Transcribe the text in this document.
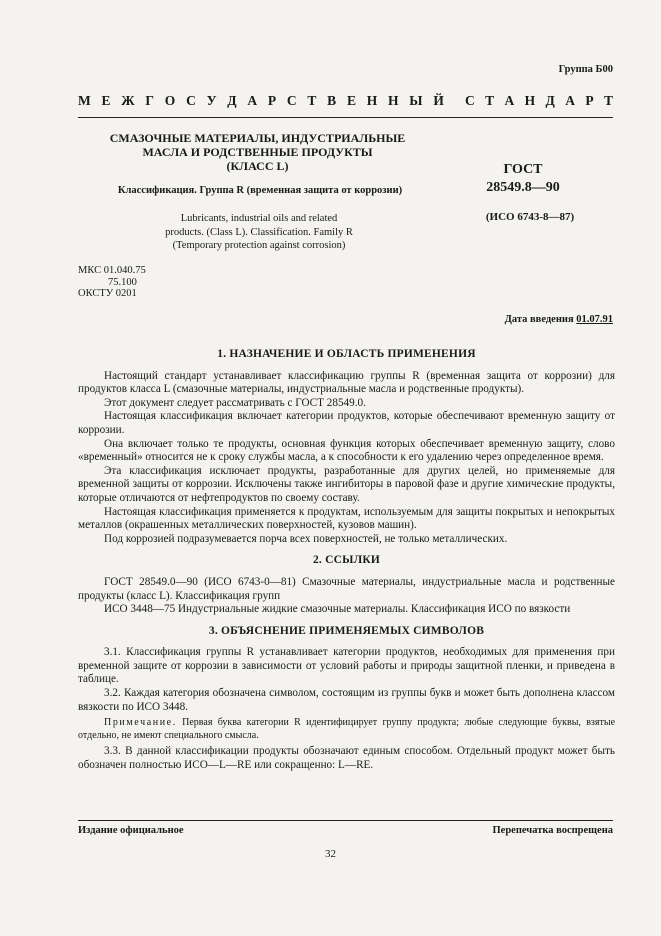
Группа Б00
М Е Ж Г О С У Д А Р С Т В Е Н Н Ы Й С Т А Н Д А Р Т
СМАЗОЧНЫЕ МАТЕРИАЛЫ, ИНДУСТРИАЛЬНЫЕ
МАСЛА И РОДСТВЕННЫЕ ПРОДУКТЫ
(КЛАСС L)
Классификация. Группа R (временная защита от коррозии)
Lubricants, industrial oils and related
products. (Class L). Classification. Family R
(Temporary protection against corrosion)
ГОСТ
28549.8—90
(ИСО 6743-8—87)
МКС 01.040.75
75.100
ОКСТУ 0201
Дата введения 01.07.91
1. НАЗНАЧЕНИЕ И ОБЛАСТЬ ПРИМЕНЕНИЯ

Настоящий стандарт устанавливает классификацию группы R (временная защита от коррозии) для продуктов класса L (смазочные материалы, индустриальные масла и родственные продукты).

Этот документ следует рассматривать с ГОСТ 28549.0.

Настоящая классификация включает категории продуктов, которые обеспечивают временную защиту от коррозии.

Она включает только те продукты, основная функция которых обеспечивает временную защиту, слово «временный» относится не к сроку службы масла, а к способности к его удалению через определенное время.

Эта классификация исключает продукты, разработанные для других целей, но применяемые для временной защиты от коррозии. Исключены также ингибиторы в паровой фазе и другие химические продукты, которые отличаются от нефтепродуктов по своему составу.

Настоящая классификация применяется к продуктам, используемым для защиты покрытых и непокрытых металлов (окрашенных металлических поверхностей, кузовов машин).

Под коррозией подразумевается порча всех поверхностей, не только металлических.

2. ССЫЛКИ

ГОСТ 28549.0—90 (ИСО 6743-0—81) Смазочные материалы, индустриальные масла и родственные продукты (класс L). Классификация групп

ИСО 3448—75 Индустриальные жидкие смазочные материалы. Классификация ИСО по вязкости

3. ОБЪЯСНЕНИЕ ПРИМЕНЯЕМЫХ СИМВОЛОВ

3.1. Классификация группы R устанавливает категории продуктов, необходимых для применения при временной защите от коррозии в зависимости от условий работы и природы защитной пленки, и приведена в таблице.

3.2. Каждая категория обозначена символом, состоящим из группы букв и может быть дополнена классом вязкости по ИСО 3448.

Примечание. Первая буква категории R идентифицирует группу продукта; любые следующие буквы, взятые отдельно, не имеют специального смысла.

3.3. В данной классификации продукты обозначают единым способом. Отдельный продукт может быть обозначен полностью ИСО—L—RE или сокращенно: L—RE.

Издание официальное	Перепечатка воспрещена
32
